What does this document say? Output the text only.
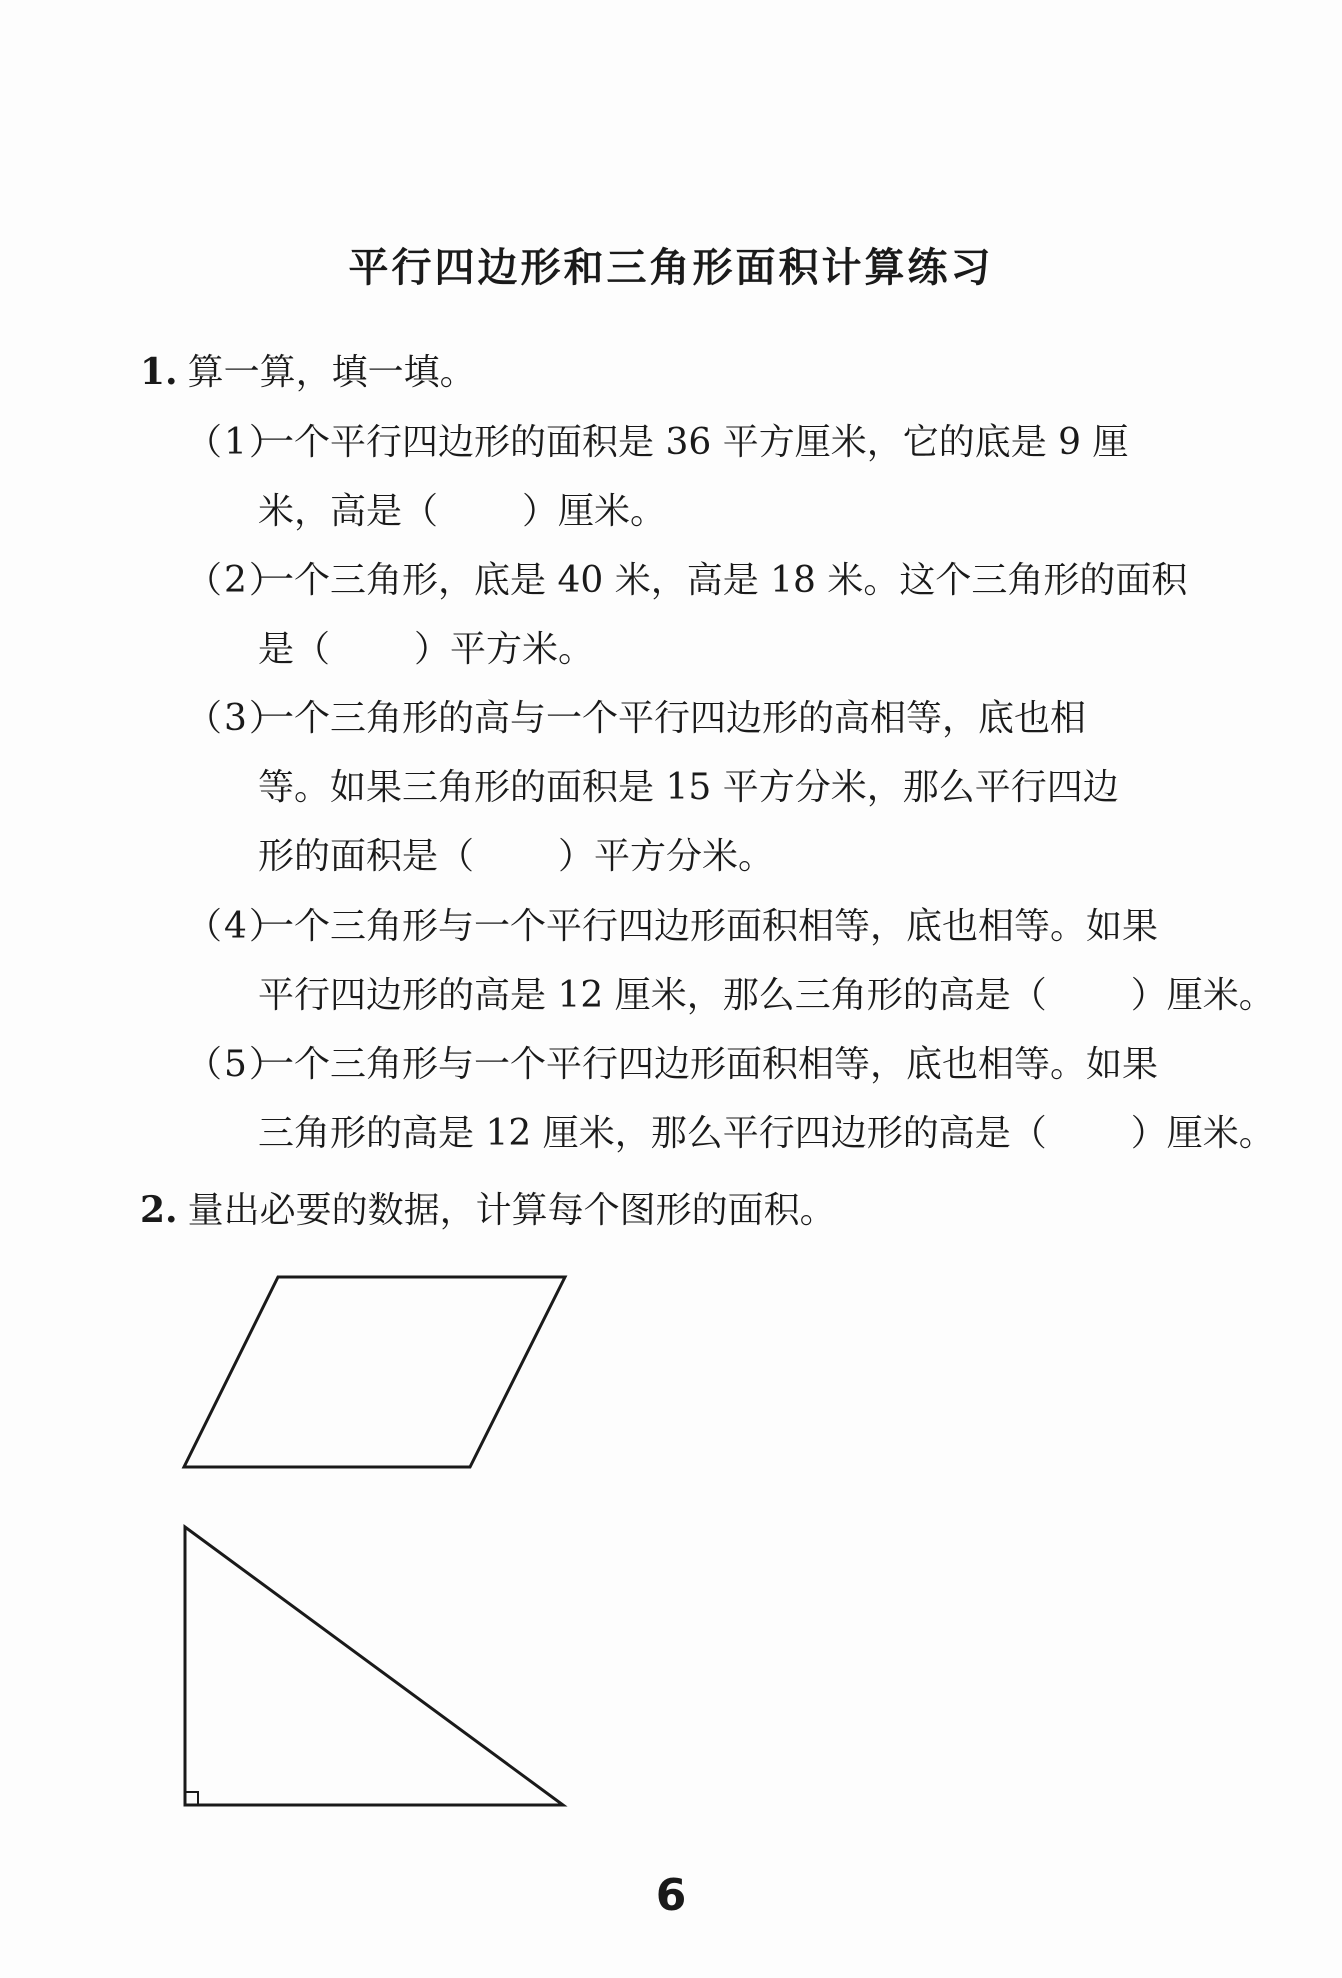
平行四边形和三角形面积计算练习
1. 算一算，填一填。
（1）一个平行四边形的面积是 36 平方厘米，它的底是 9 厘
米，高是（ ）厘米。
（2）一个三角形，底是 40 米，高是 18 米。这个三角形的面积
是（ ）平方米。
（3）一个三角形的高与一个平行四边形的高相等，底也相
等。如果三角形的面积是 15 平方分米，那么平行四边
形的面积是（ ）平方分米。
（4）一个三角形与一个平行四边形面积相等，底也相等。如果
平行四边形的高是 12 厘米，那么三角形的高是（ ）厘米。
（5）一个三角形与一个平行四边形面积相等，底也相等。如果
三角形的高是 12 厘米，那么平行四边形的高是（ ）厘米。
2. 量出必要的数据，计算每个图形的面积。
6
